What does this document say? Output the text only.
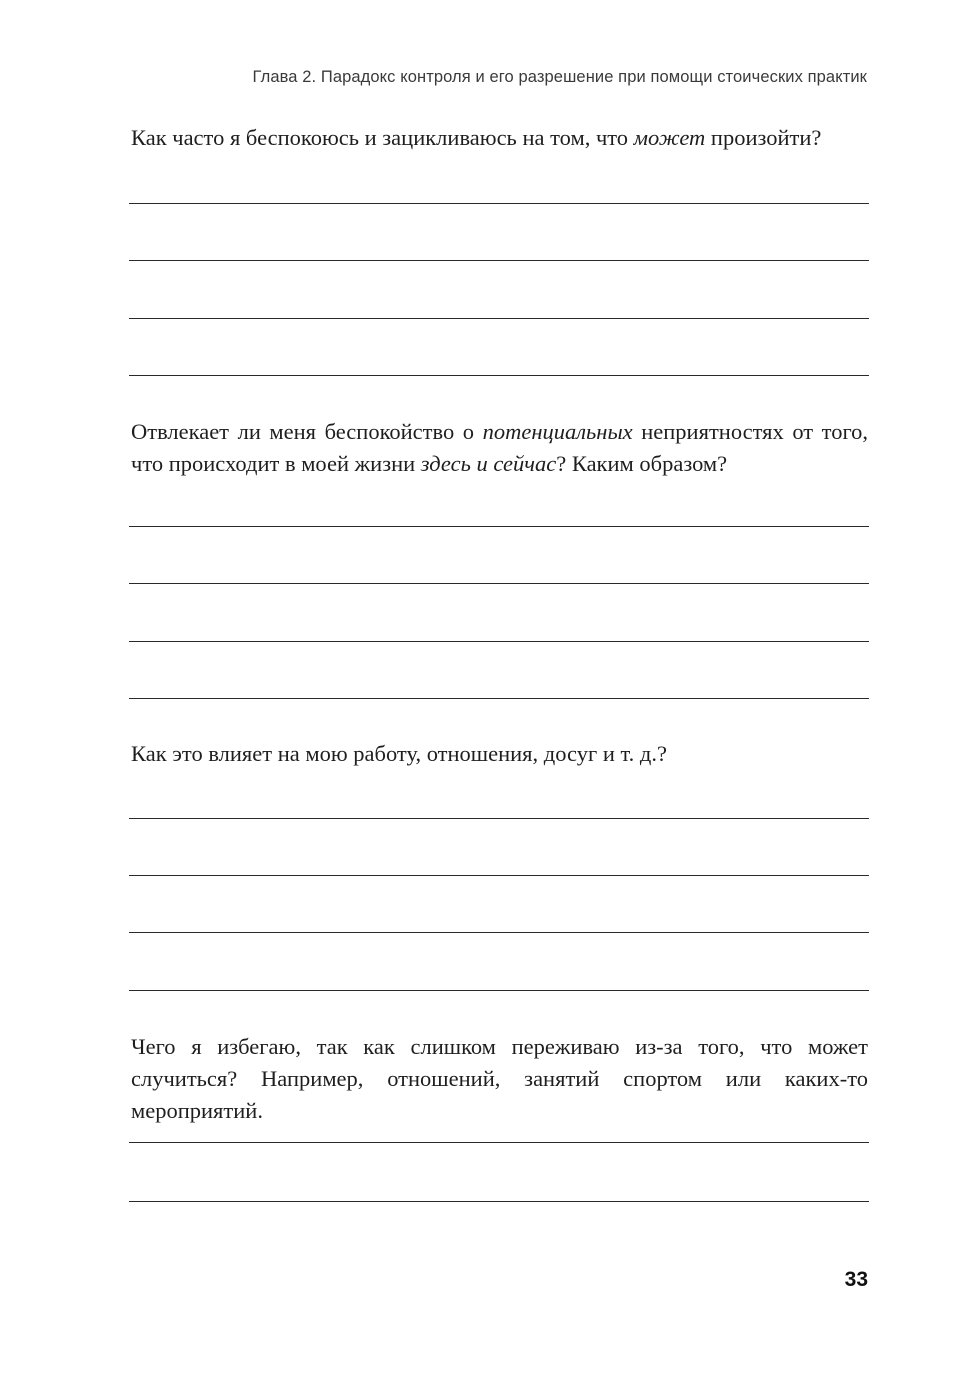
Глава 2. Парадокс контроля и его разрешение при помощи стоических практик
Как часто я беспокоюсь и зацикливаюсь на том, что может произойти?
Отвлекает ли меня беспокойство о потенциальных неприятностях от того, что происходит в моей жизни здесь и сейчас? Каким образом?
Как это влияет на мою работу, отношения, досуг и т. д.?
Чего я избегаю, так как слишком переживаю из-за того, что может случиться? Например, отношений, занятий спортом или каких-то мероприятий.
33
